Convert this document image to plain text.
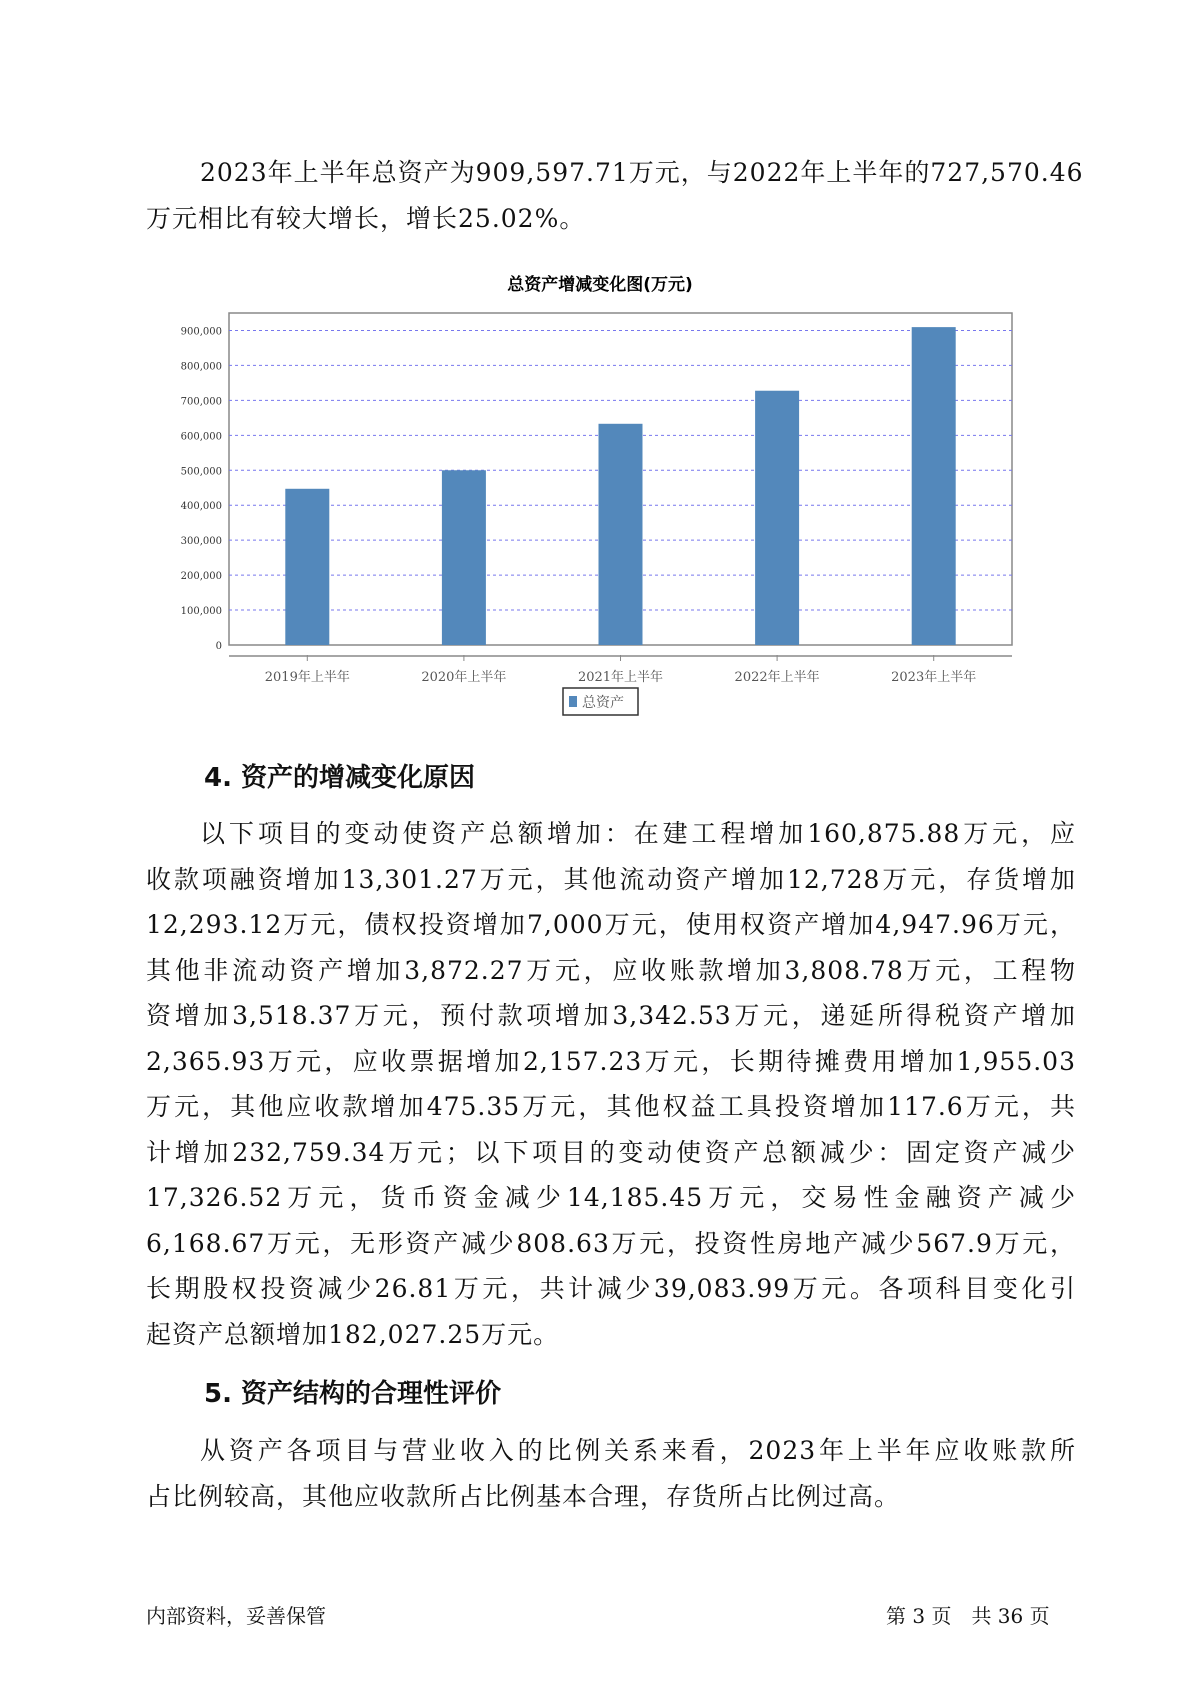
2023年上半年总资产为909,597.71万元，与2022年上半年的727,570.46
万元相比有较大增长，增长25.02%。
总资产增减变化图(万元)
0
100,000
200,000
300,000
400,000
500,000
600,000
700,000
800,000
900,000
2019年上半年	2020年上半年	2021年上半年	2022年上半年	2023年上半年
总资产
4. 资产的增减变化原因
以下项目的变动使资产总额增加：在建工程增加160,875.88万元，应
收款项融资增加13,301.27万元，其他流动资产增加12,728万元，存货增加
12,293.12万元，债权投资增加7,000万元，使用权资产增加4,947.96万元，
其他非流动资产增加3,872.27万元，应收账款增加3,808.78万元，工程物
资增加3,518.37万元，预付款项增加3,342.53万元，递延所得税资产增加
2,365.93万元，应收票据增加2,157.23万元，长期待摊费用增加1,955.03
万元，其他应收款增加475.35万元，其他权益工具投资增加117.6万元，共
计增加232,759.34万元；以下项目的变动使资产总额减少：固定资产减少
17,326.52万元，货币资金减少14,185.45万元，交易性金融资产减少
6,168.67万元，无形资产减少808.63万元，投资性房地产减少567.9万元，
长期股权投资减少26.81万元，共计减少39,083.99万元。各项科目变化引
起资产总额增加182,027.25万元。
5. 资产结构的合理性评价
从资产各项目与营业收入的比例关系来看，2023年上半年应收账款所
占比例较高，其他应收款所占比例基本合理，存货所占比例过高。
内部资料，妥善保管	第 3 页　共 36 页
